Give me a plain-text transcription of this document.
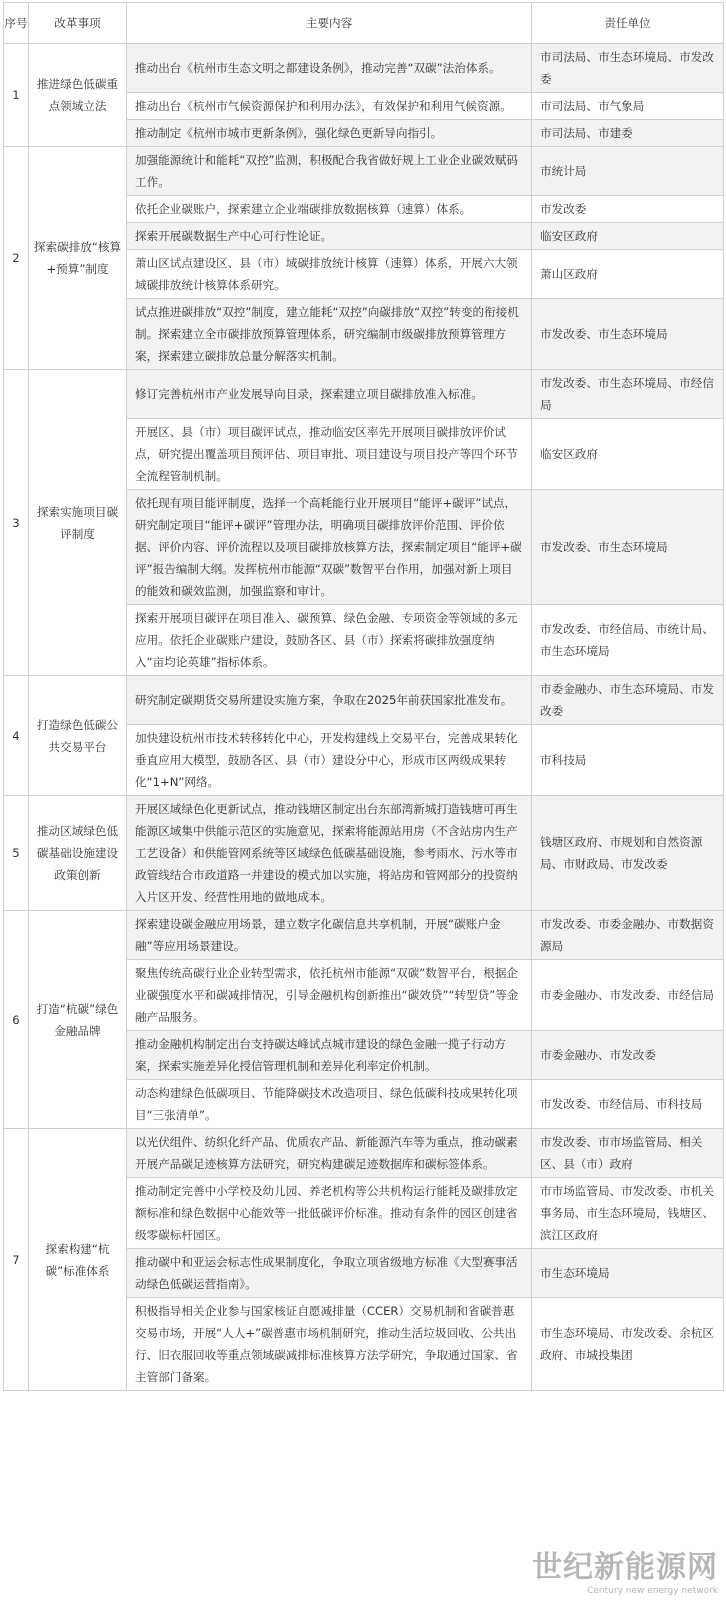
序号	改革事项	主要内容	责任单位
1	推进绿色低碳重点领域立法	推动出台《杭州市生态文明之都建设条例》，推动完善“双碳”法治体系。	市司法局、市生态环境局、市发改委
		推动出台《杭州市气候资源保护和利用办法》，有效保护和利用气候资源。	市司法局、市气象局
		推动制定《杭州市城市更新条例》，强化绿色更新导向指引。	市司法局、市建委
2	探索碳排放“核算+预算”制度	加强能源统计和能耗“双控”监测，积极配合我省做好规上工业企业碳效赋码工作。	市统计局
		依托企业碳账户，探索建立企业端碳排放数据核算（速算）体系。	市发改委
		探索开展碳数据生产中心可行性论证。	临安区政府
		萧山区试点建设区、县（市）域碳排放统计核算（速算）体系，开展六大领域碳排放统计核算体系研究。	萧山区政府
		试点推进碳排放“双控”制度，建立能耗“双控”向碳排放“双控”转变的衔接机制。探索建立全市碳排放预算管理体系，研究编制市级碳排放预算管理方案，探索建立碳排放总量分解落实机制。	市发改委、市生态环境局
3	探索实施项目碳评制度	修订完善杭州市产业发展导向目录，探索建立项目碳排放准入标准。	市发改委、市生态环境局、市经信局
		开展区、县（市）项目碳评试点，推动临安区率先开展项目碳排放评价试点，研究提出覆盖项目预评估、项目审批、项目建设与项目投产等四个环节全流程管制机制。	临安区政府
		依托现有项目能评制度，选择一个高耗能行业开展项目“能评+碳评”试点，研究制定项目“能评+碳评”管理办法，明确项目碳排放评价范围、评价依据、评价内容、评价流程以及项目碳排放核算方法，探索制定项目“能评+碳评”报告编制大纲。发挥杭州市能源“双碳”数智平台作用，加强对新上项目的能效和碳效监测，加强监察和审计。	市发改委、市生态环境局
		探索开展项目碳评在项目准入、碳预算、绿色金融、专项资金等领域的多元应用。依托企业碳账户建设，鼓励各区、县（市）探索将碳排放强度纳入“亩均论英雄”指标体系。	市发改委、市经信局、市统计局、市生态环境局
4	打造绿色低碳公共交易平台	研究制定碳期货交易所建设实施方案，争取在2025年前获国家批准发布。	市委金融办、市生态环境局、市发改委
		加快建设杭州市技术转移转化中心，开发构建线上交易平台，完善成果转化垂直应用大模型，鼓励各区、县（市）建设分中心，形成市区两级成果转化“1+N”网络。	市科技局
5	推动区域绿色低碳基础设施建设政策创新	开展区域绿色化更新试点，推动钱塘区制定出台东部湾新城打造钱塘可再生能源区域集中供能示范区的实施意见，探索将能源站用房（不含站房内生产工艺设备）和供能管网系统等区域绿色低碳基础设施，参考雨水、污水等市政管线结合市政道路一并建设的模式加以实施，将站房和管网部分的投资纳入片区开发、经营性用地的做地成本。	钱塘区政府、市规划和自然资源局、市财政局、市发改委
6	打造“杭碳”绿色金融品牌	探索建设碳金融应用场景，建立数字化碳信息共享机制，开展“碳账户金融”等应用场景建设。	市发改委、市委金融办、市数据资源局
		聚焦传统高碳行业企业转型需求，依托杭州市能源“双碳”数智平台，根据企业碳强度水平和碳减排情况，引导金融机构创新推出“碳效贷”“转型贷”等金融产品服务。	市委金融办、市发改委、市经信局
		推动金融机构制定出台支持碳达峰试点城市建设的绿色金融一揽子行动方案，探索实施差异化授信管理机制和差异化利率定价机制。	市委金融办、市发改委
		动态构建绿色低碳项目、节能降碳技术改造项目、绿色低碳科技成果转化项目“三张清单”。	市发改委、市经信局、市科技局
7	探索构建“杭碳”标准体系	以光伏组件、纺织化纤产品、优质农产品、新能源汽车等为重点，推动碳素开展产品碳足迹核算方法研究，研究构建碳足迹数据库和碳标签体系。	市发改委、市市场监管局、相关区、县（市）政府
		推动制定完善中小学校及幼儿园、养老机构等公共机构运行能耗及碳排放定额标准和绿色数据中心能效等一批低碳评价标准。推动有条件的园区创建省级零碳标杆园区。	市市场监管局、市发改委、市机关事务局、市生态环境局，钱塘区、滨江区政府
		推动碳中和亚运会标志性成果制度化，争取立项省级地方标准《大型赛事活动绿色低碳运营指南》。	市生态环境局
		积极指导相关企业参与国家核证自愿减排量（CCER）交易机制和省碳普惠交易市场，开展“人人+”碳普惠市场机制研究，推动生活垃圾回收、公共出行、旧衣服回收等重点领域碳减排标准核算方法学研究，争取通过国家、省主管部门备案。	市生态环境局、市发改委、余杭区政府、市城投集团
世纪新能源网
Century new energy network
